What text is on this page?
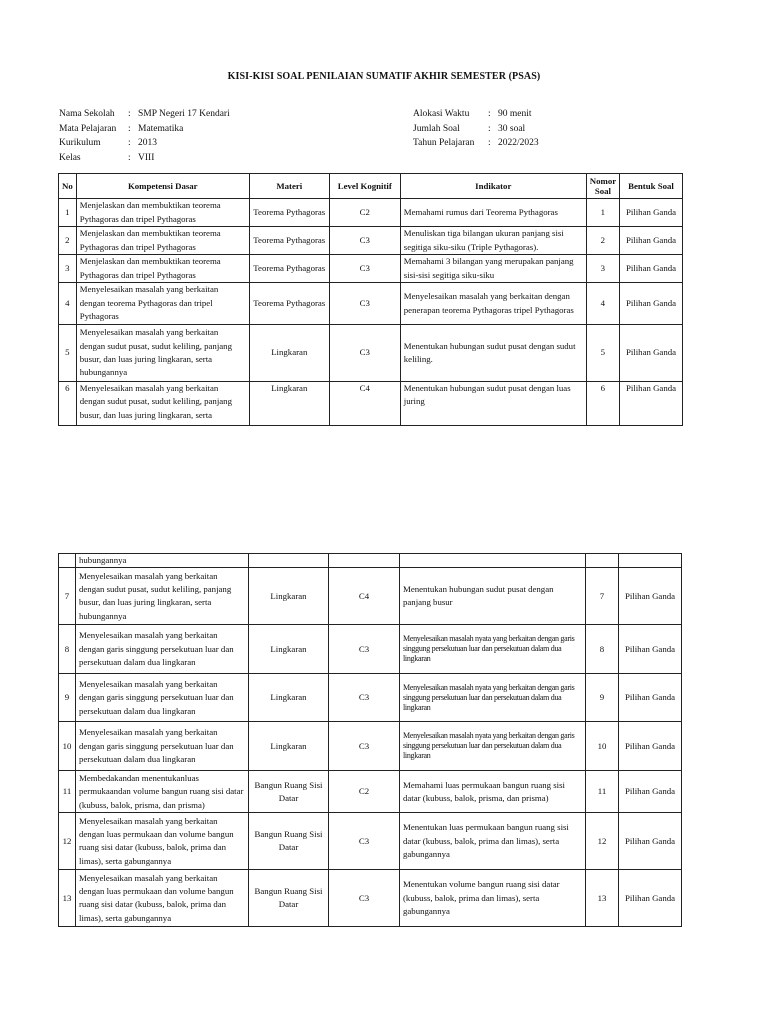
KISI-KISI SOAL PENILAIAN SUMATIF AKHIR SEMESTER (PSAS)
Nama Sekolah	: SMP Negeri 17 Kendari
Mata Pelajaran	: Matematika
Kurikulum	: 2013
Kelas	: VIII
Alokasi Waktu	: 90 menit
Jumlah Soal	: 30 soal
Tahun Pelajaran	: 2022/2023
No	Kompetensi Dasar	Materi	Level Kognitif	Indikator	Nomor Soal	Bentuk Soal
1	Menjelaskan dan membuktikan teorema Pythagoras dan tripel Pythagoras	Teorema Pythagoras	C2	Memahami rumus dari Teorema Pythagoras	1	Pilihan Ganda
2	Menjelaskan dan membuktikan teorema Pythagoras dan tripel Pythagoras	Teorema Pythagoras	C3	Menuliskan tiga bilangan ukuran panjang sisi segitiga siku-siku (Triple Pythagoras).	2	Pilihan Ganda
3	Menjelaskan dan membuktikan teorema Pythagoras dan tripel Pythagoras	Teorema Pythagoras	C3	Memahami 3 bilangan yang merupakan panjang sisi-sisi segitiga siku-siku	3	Pilihan Ganda
4	Menyelesaikan masalah yang berkaitan dengan teorema Pythagoras dan tripel Pythagoras	Teorema Pythagoras	C3	Menyelesaikan masalah yang berkaitan dengan penerapan teorema Pythagoras tripel Pythagoras	4	Pilihan Ganda
5	Menyelesaikan masalah yang berkaitan dengan sudut pusat, sudut keliling, panjang busur, dan luas juring lingkaran, serta hubungannya	Lingkaran	C3	Menentukan hubungan sudut pusat dengan sudut keliling.	5	Pilihan Ganda
6	Menyelesaikan masalah yang berkaitan dengan sudut pusat, sudut keliling, panjang busur, dan luas juring lingkaran, serta	Lingkaran	C4	Menentukan hubungan sudut pusat dengan luas juring	6	Pilihan Ganda
	hubungannya					
7	Menyelesaikan masalah yang berkaitan dengan sudut pusat, sudut keliling, panjang busur, dan luas juring lingkaran, serta hubungannya	Lingkaran	C4	Menentukan hubungan sudut pusat dengan panjang busur	7	Pilihan Ganda
8	Menyelesaikan masalah yang berkaitan dengan garis singgung persekutuan luar dan persekutuan dalam dua lingkaran	Lingkaran	C3	Menyelesaikan masalah nyata yang berkaitan dengan garis singgung persekutuan luar dan persekutuan dalam dua lingkaran	8	Pilihan Ganda
9	Menyelesaikan masalah yang berkaitan dengan garis singgung persekutuan luar dan persekutuan dalam dua lingkaran	Lingkaran	C3	Menyelesaikan masalah nyata yang berkaitan dengan garis singgung persekutuan luar dan persekutuan dalam dua lingkaran	9	Pilihan Ganda
10	Menyelesaikan masalah yang berkaitan dengan garis singgung persekutuan luar dan persekutuan dalam dua lingkaran	Lingkaran	C3	Menyelesaikan masalah nyata yang berkaitan dengan garis singgung persekutuan luar dan persekutuan dalam dua lingkaran	10	Pilihan Ganda
11	Membedakandan menentukanluas permukaandan volume bangun ruang sisi datar (kubuss, balok, prisma, dan prisma)	Bangun Ruang Sisi Datar	C2	Memahami luas permukaan bangun ruang sisi datar (kubuss, balok, prisma, dan prisma)	11	Pilihan Ganda
12	Menyelesaikan masalah yang berkaitan dengan luas permukaan dan volume bangun ruang sisi datar (kubuss, balok, prima dan limas), serta gabungannya	Bangun Ruang Sisi Datar	C3	Menentukan luas permukaan bangun ruang sisi datar (kubuss, balok, prima dan limas), serta gabungannya	12	Pilihan Ganda
13	Menyelesaikan masalah yang berkaitan dengan luas permukaan dan volume bangun ruang sisi datar (kubuss, balok, prima dan limas), serta gabungannya	Bangun Ruang Sisi Datar	C3	Menentukan volume bangun ruang sisi datar (kubuss, balok, prima dan limas), serta gabungannya	13	Pilihan Ganda
